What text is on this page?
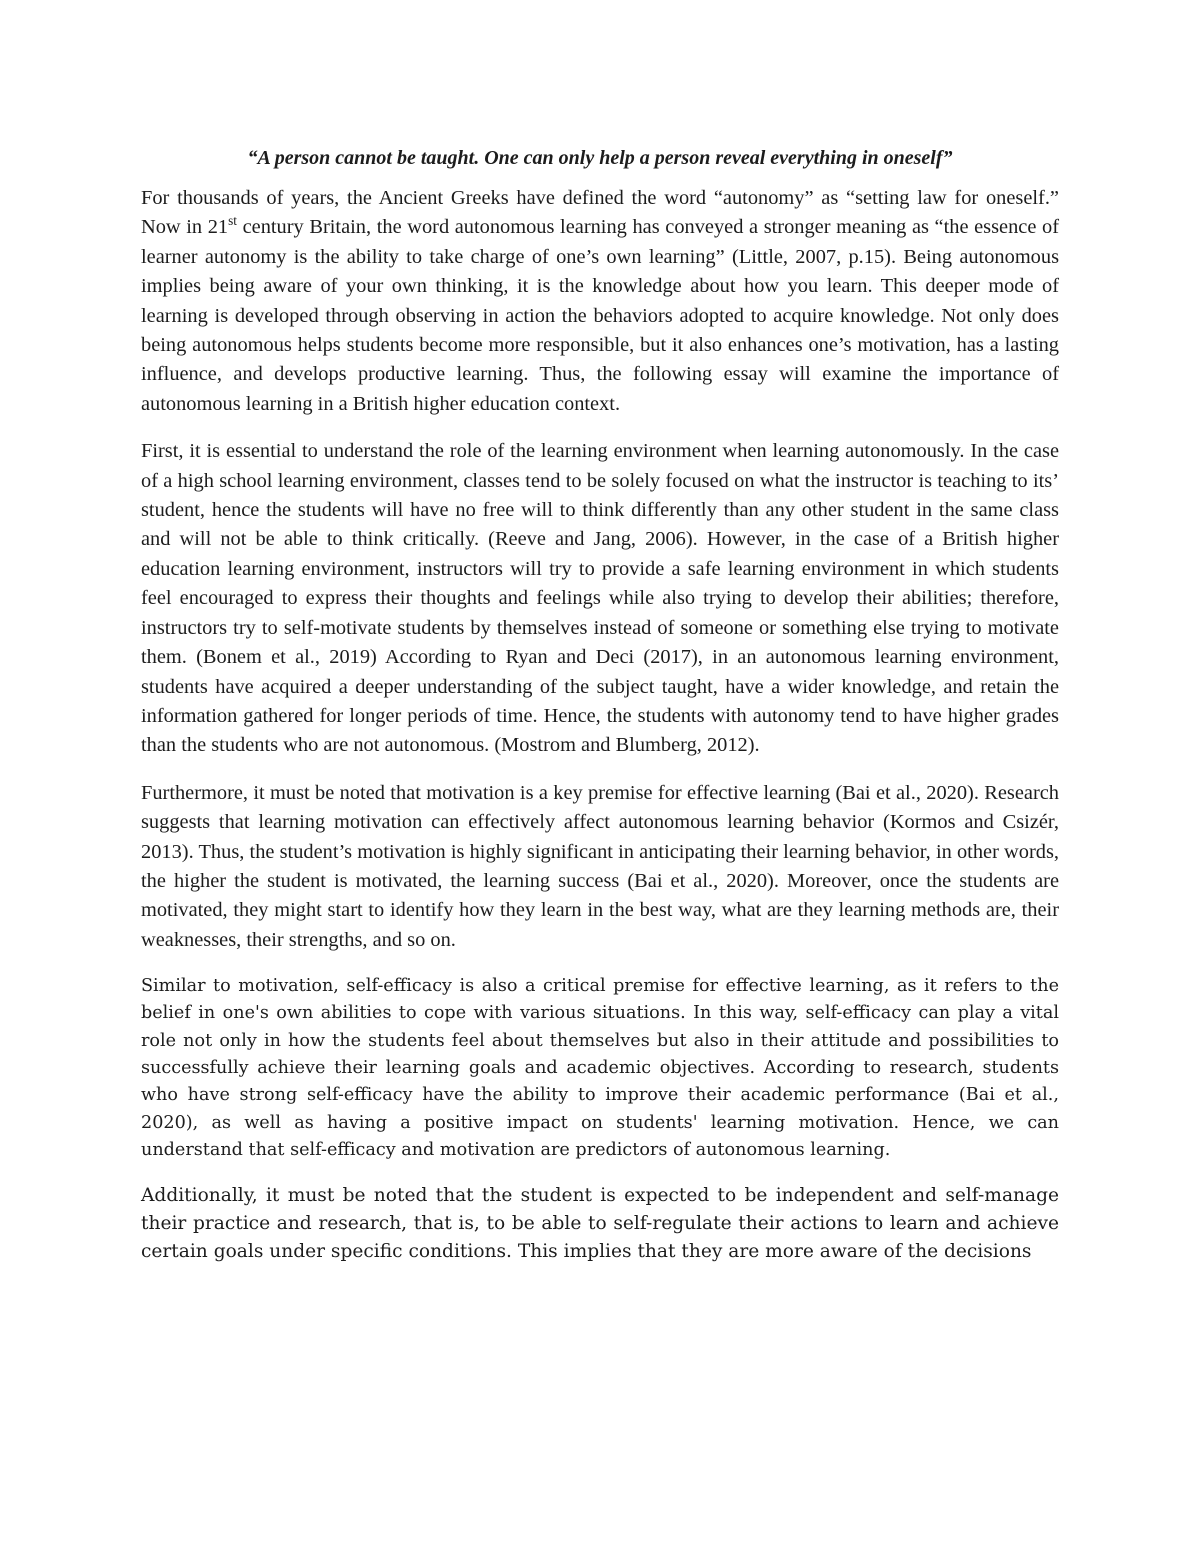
“A person cannot be taught. One can only help a person reveal everything in oneself”

For thousands of years, the Ancient Greeks have defined the word “autonomy” as “setting law for oneself.” Now in 21st century Britain, the word autonomous learning has conveyed a stronger meaning as “the essence of learner autonomy is the ability to take charge of one’s own learning” (Little, 2007, p.15). Being autonomous implies being aware of your own thinking, it is the knowledge about how you learn. This deeper mode of learning is developed through observing in action the behaviors adopted to acquire knowledge. Not only does being autonomous helps students become more responsible, but it also enhances one’s motivation, has a lasting influence, and develops productive learning. Thus, the following essay will examine the importance of autonomous learning in a British higher education context.

First, it is essential to understand the role of the learning environment when learning autonomously. In the case of a high school learning environment, classes tend to be solely focused on what the instructor is teaching to its’ student, hence the students will have no free will to think differently than any other student in the same class and will not be able to think critically. (Reeve and Jang, 2006). However, in the case of a British higher education learning environment, instructors will try to provide a safe learning environment in which students feel encouraged to express their thoughts and feelings while also trying to develop their abilities; therefore, instructors try to self-motivate students by themselves instead of someone or something else trying to motivate them. (Bonem et al., 2019) According to Ryan and Deci (2017), in an autonomous learning environment, students have acquired a deeper understanding of the subject taught, have a wider knowledge, and retain the information gathered for longer periods of time. Hence, the students with autonomy tend to have higher grades than the students who are not autonomous. (Mostrom and Blumberg, 2012).

Furthermore, it must be noted that motivation is a key premise for effective learning (Bai et al., 2020). Research suggests that learning motivation can effectively affect autonomous learning behavior (Kormos and Csizér, 2013). Thus, the student’s motivation is highly significant in anticipating their learning behavior, in other words, the higher the student is motivated, the learning success (Bai et al., 2020). Moreover, once the students are motivated, they might start to identify how they learn in the best way, what are they learning methods are, their weaknesses, their strengths, and so on.

Similar to motivation, self-efficacy is also a critical premise for effective learning, as it refers to the belief in one's own abilities to cope with various situations. In this way, self-efficacy can play a vital role not only in how the students feel about themselves but also in their attitude and possibilities to successfully achieve their learning goals and academic objectives. According to research, students who have strong self-efficacy have the ability to improve their academic performance (Bai et al., 2020), as well as having a positive impact on students' learning motivation. Hence, we can understand that self-efficacy and motivation are predictors of autonomous learning.

Additionally, it must be noted that the student is expected to be independent and self-manage their practice and research, that is, to be able to self-regulate their actions to learn and achieve certain goals under specific conditions. This implies that they are more aware of the decisions
